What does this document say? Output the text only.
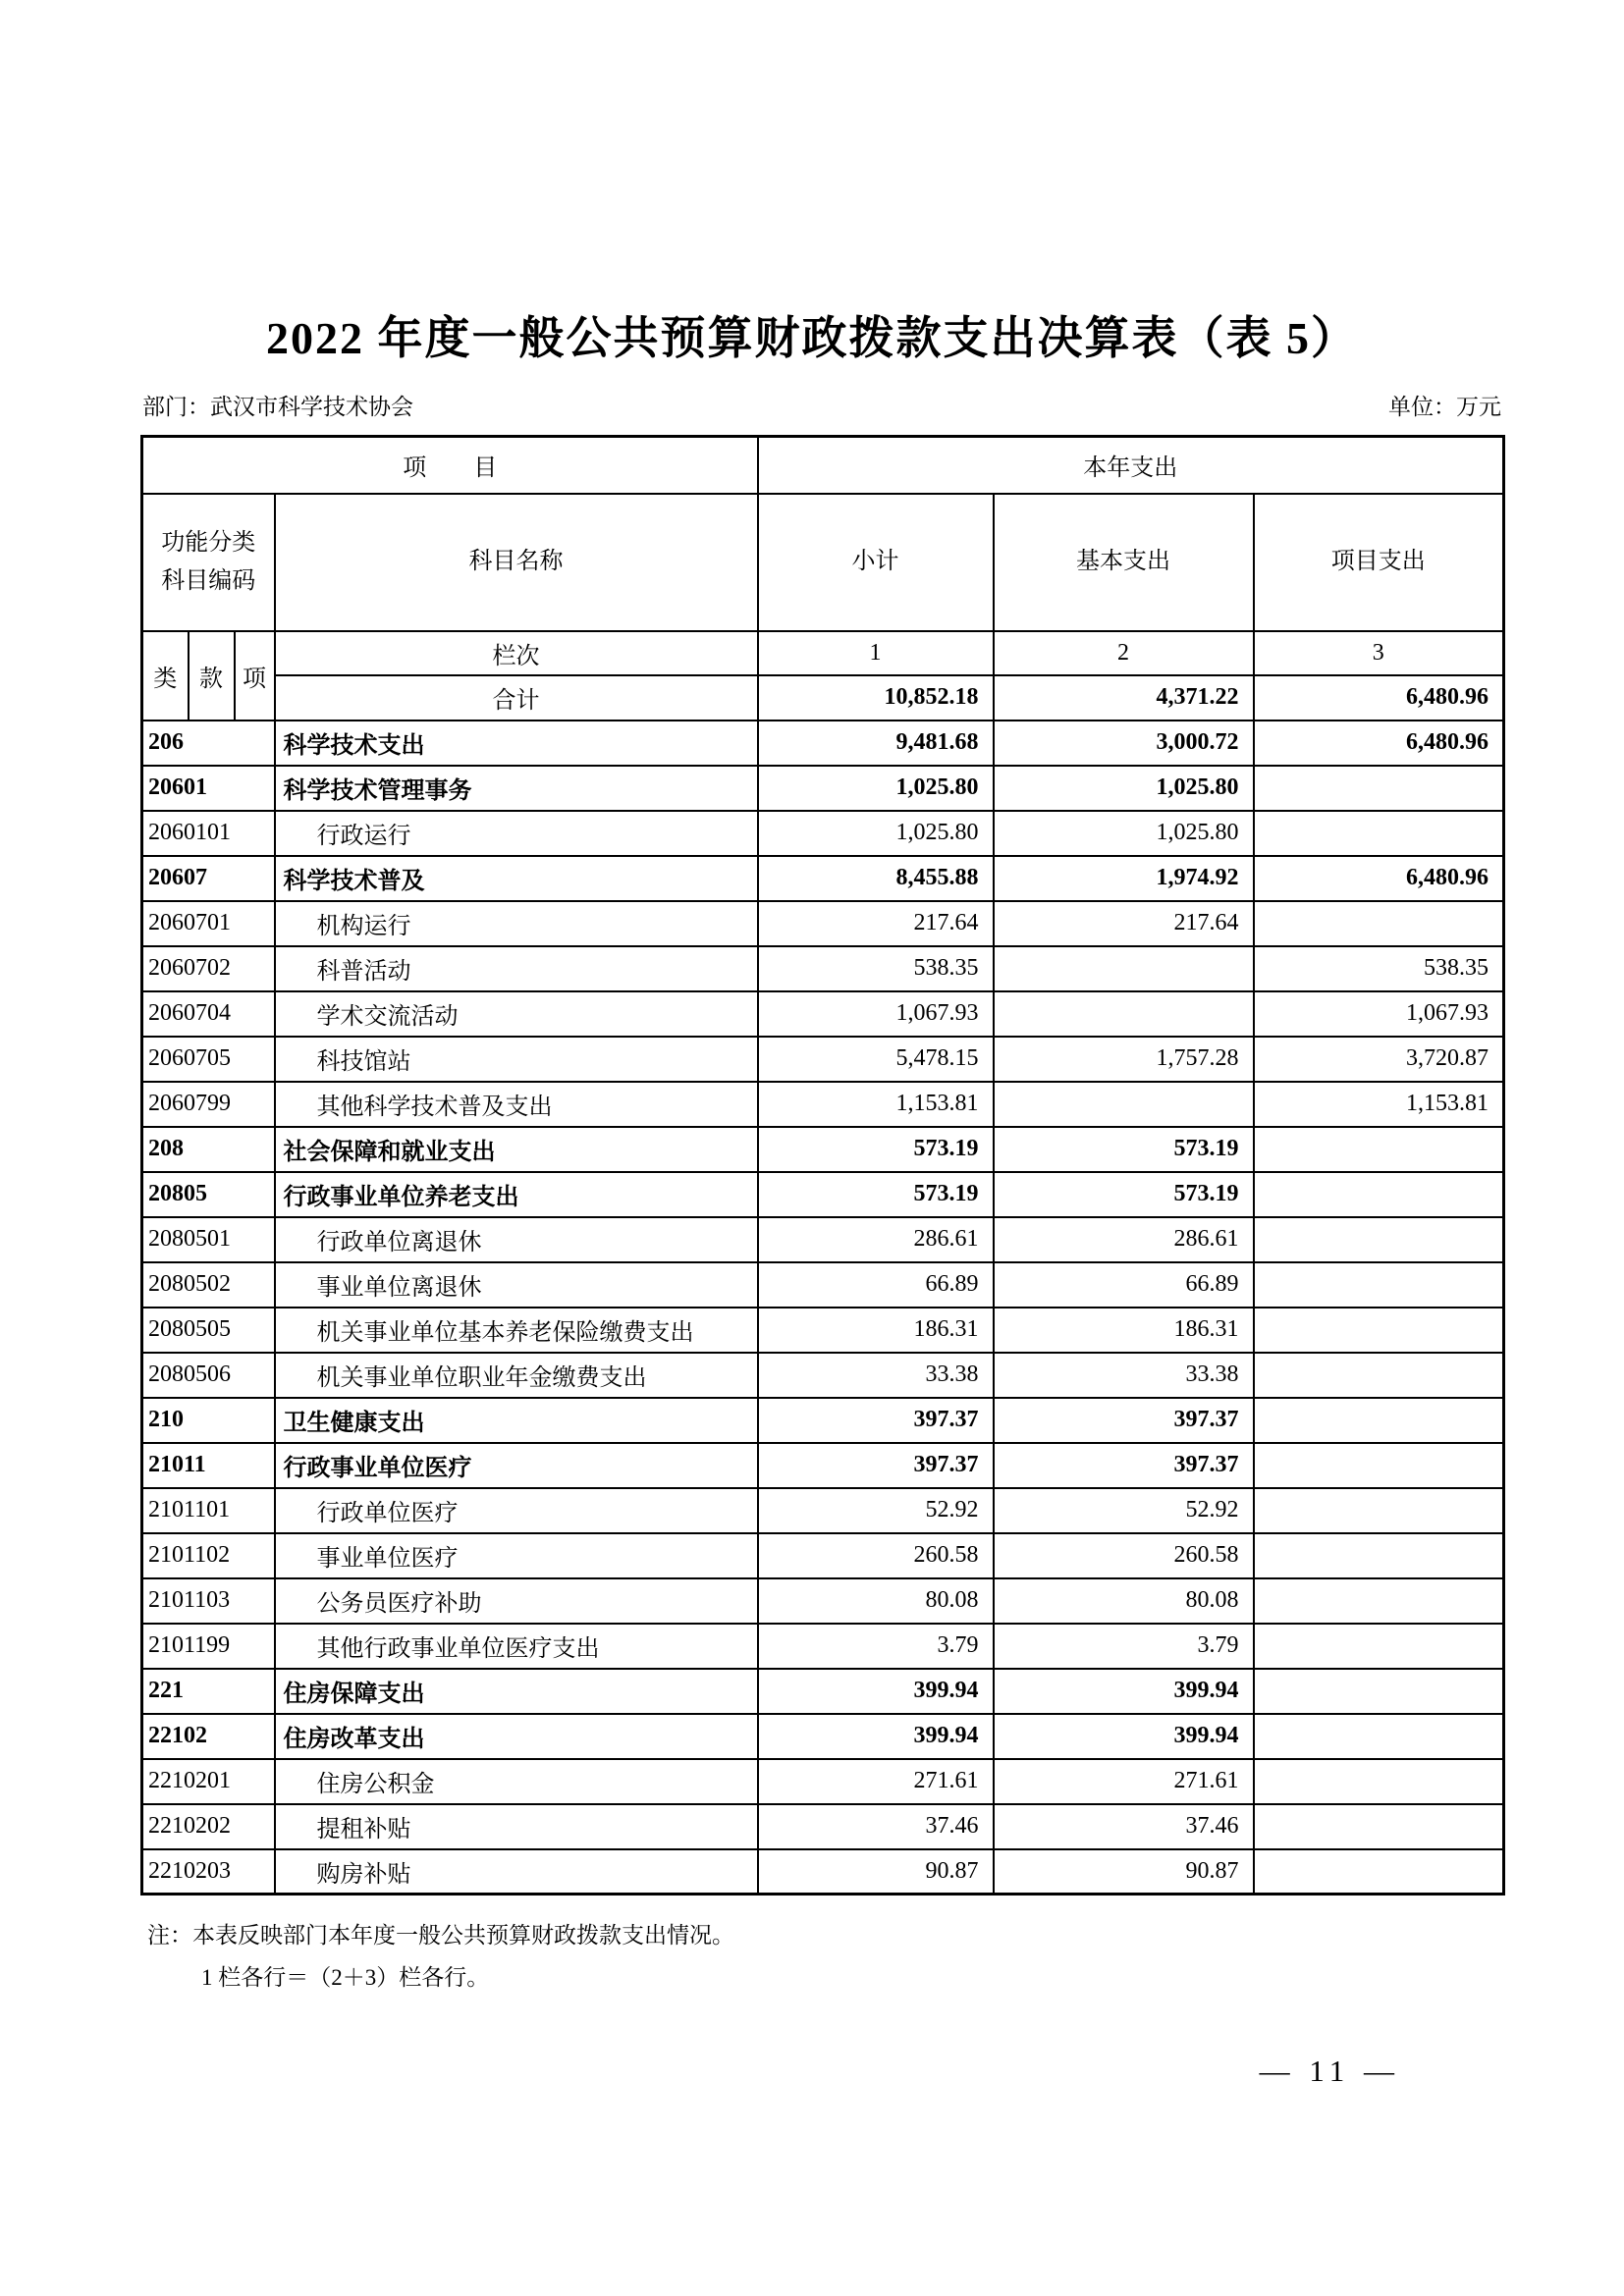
2022 年度一般公共预算财政拨款支出决算表（表 5）
部门：武汉市科学技术协会	单位：万元
项　　目				本年支出		

功能分类
科目编码			科目名称	小计	基本支出	项目支出
类	款	项	栏次	1	2	3
			合计	10,852.18	4,371.22	6,480.96
206			科学技术支出	9,481.68	3,000.72	6,480.96
20601			科学技术管理事务	1,025.80	1,025.80	
2060101			行政运行	1,025.80	1,025.80	
20607			科学技术普及	8,455.88	1,974.92	6,480.96
2060701			机构运行	217.64	217.64	
2060702			科普活动	538.35		538.35
2060704			学术交流活动	1,067.93		1,067.93
2060705			科技馆站	5,478.15	1,757.28	3,720.87
2060799			其他科学技术普及支出	1,153.81		1,153.81
208			社会保障和就业支出	573.19	573.19	
20805			行政事业单位养老支出	573.19	573.19	
2080501			行政单位离退休	286.61	286.61	
2080502			事业单位离退休	66.89	66.89	
2080505			机关事业单位基本养老保险缴费支出	186.31	186.31	
2080506			机关事业单位职业年金缴费支出	33.38	33.38	
210			卫生健康支出	397.37	397.37	
21011			行政事业单位医疗	397.37	397.37	
2101101			行政单位医疗	52.92	52.92	
2101102			事业单位医疗	260.58	260.58	
2101103			公务员医疗补助	80.08	80.08	
2101199			其他行政事业单位医疗支出	3.79	3.79	
221			住房保障支出	399.94	399.94	
22102			住房改革支出	399.94	399.94	
2210201			住房公积金	271.61	271.61	
2210202			提租补贴	37.46	37.46	
2210203			购房补贴	90.87	90.87	
注：本表反映部门本年度一般公共预算财政拨款支出情况。
1 栏各行＝（2＋3）栏各行。
— 11 —
